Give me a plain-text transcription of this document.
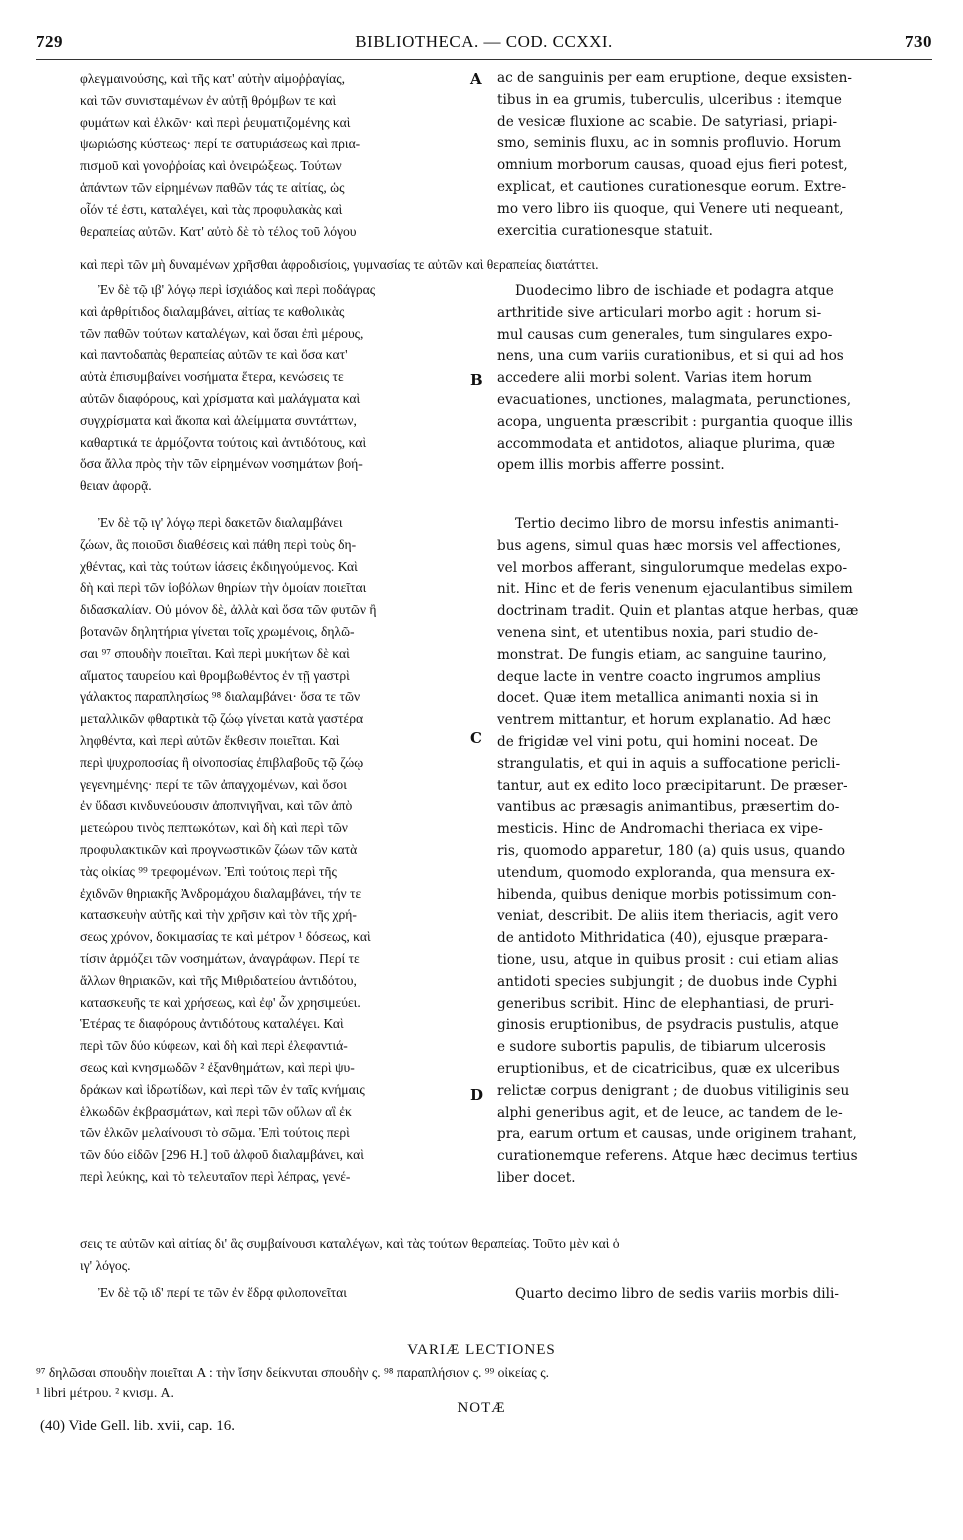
729	BIBLIOTHECA. — COD. CCXXI.	730
φλεγμαινούσης, καὶ τῆς κατ' αὐτὴν αἱμοῤῥαγίας,
καὶ τῶν συνισταμένων ἐν αὐτῇ θρόμβων τε καὶ
φυμάτων καὶ ἑλκῶν· καὶ περὶ ῥευματιζομένης καὶ
ψωριώσης κύστεως· περί τε σατυριάσεως καὶ πρια-
πισμοῦ καὶ γονοῤῥοίας καὶ ὀνειρώξεως. Τούτων
ἁπάντων τῶν εἰρημένων παθῶν τάς τε αἰτίας, ὡς
οἷόν τέ ἐστι, καταλέγει, καὶ τὰς προφυλακὰς καὶ
θεραπείας αὐτῶν. Κατ' αὐτὸ δὲ τὸ τέλος τοῦ λόγου
A ac de sanguinis per eam eruptione, deque exsisten-
tibus in ea grumis, tuberculis, ulceribus : itemque
de vesicæ fluxione ac scabie. De satyriasi, priapi-
smo, seminis fluxu, ac in somnis profluvio. Horum
omnium morborum causas, quoad ejus fieri potest,
explicat, et cautiones curationesque eorum. Extre-
mo vero libro iis quoque, qui Venere uti nequeant,
exercitia curationesque statuit.
καὶ περὶ τῶν μὴ δυναμένων χρῆσθαι ἀφροδισίοις, γυμνασίας τε αὐτῶν καὶ θεραπείας διατάττει.
Ἐν δὲ τῷ ιβ' λόγῳ περὶ ἰσχιάδος καὶ περὶ ποδάγρας
καὶ ἀρθρίτιδος διαλαμβάνει, αἰτίας τε καθολικὰς
τῶν παθῶν τούτων καταλέγων, καὶ ὅσαι ἐπὶ μέρους,
καὶ παντοδαπὰς θεραπείας αὐτῶν τε καὶ ὅσα κατ'
αὐτὰ ἐπισυμβαίνει νοσήματα ἕτερα, κενώσεις τε
αὐτῶν διαφόρους, καὶ χρίσματα καὶ μαλάγματα καὶ
συγχρίσματα καὶ ἄκοπα καὶ ἀλείμματα συντάττων,
καθαρτικά τε ἁρμόζοντα τούτοις καὶ ἀντιδότους, καὶ
ὅσα ἄλλα πρὸς τὴν τῶν εἰρημένων νοσημάτων βοή-
θειαν ἀφορᾷ.
B
Duodecimo libro de ischiade et podagra atque
arthritide sive articulari morbo agit : horum si-
mul causas cum generales, tum singulares expo-
nens, una cum variis curationibus, et si qui ad hos
accedere alii morbi solent. Varias item horum
evacuationes, unctiones, malagmata, perunctiones,
acopa, unguenta præscribit : purgantia quoque illis
accommodata et antidotos, aliaque plurima, quæ
opem illis morbis afferre possint.
Ἐν δὲ τῷ ιγ' λόγῳ περὶ δακετῶν διαλαμβάνει
ζώων, ἃς ποιοῦσι διαθέσεις καὶ πάθη περὶ τοὺς δη-
χθέντας, καὶ τὰς τούτων ἰάσεις ἐκδιηγούμενος. Καὶ
δὴ καὶ περὶ τῶν ἰοβόλων θηρίων τὴν ὁμοίαν ποιεῖται
διδασκαλίαν. Οὐ μόνον δὲ, ἀλλὰ καὶ ὅσα τῶν φυτῶν ἢ
βοτανῶν δηλητήρια γίνεται τοῖς χρωμένοις, δηλῶ-
σαι ⁹⁷ σπουδὴν ποιεῖται. Καὶ περὶ μυκήτων δὲ καὶ
αἵματος ταυρείου καὶ θρομβωθέντος ἐν τῇ γαστρὶ
γάλακτος παραπλησίως ⁹⁸ διαλαμβάνει· ὅσα τε τῶν
μεταλλικῶν φθαρτικὰ τῷ ζώῳ γίνεται κατὰ γαστέρα
ληφθέντα, καὶ περὶ αὐτῶν ἔκθεσιν ποιεῖται. Καὶ
περὶ ψυχροποσίας ἢ οἰνοποσίας ἐπιβλαβοῦς τῷ ζώῳ
γεγενημένης· περί τε τῶν ἀπαγχομένων, καὶ ὅσοι
ἐν ὕδασι κινδυνεύουσιν ἀποπνιγῆναι, καὶ τῶν ἀπὸ
μετεώρου τινὸς πεπτωκότων, καὶ δὴ καὶ περὶ τῶν
προφυλακτικῶν καὶ προγνωστικῶν ζώων τῶν κατὰ
τὰς οἰκίας ⁹⁹ τρεφομένων. Ἐπὶ τούτοις περὶ τῆς
ἐχιδνῶν θηριακῆς Ἀνδρομάχου διαλαμβάνει, τήν τε
κατασκευὴν αὐτῆς καὶ τὴν χρῆσιν καὶ τὸν τῆς χρή-
σεως χρόνον, δοκιμασίας τε καὶ μέτρον ¹ δόσεως, καὶ
τίσιν ἁρμόζει τῶν νοσημάτων, ἀναγράφων. Περί τε
ἄλλων θηριακῶν, καὶ τῆς Μιθριδατείου ἀντιδότου,
κατασκευῆς τε καὶ χρήσεως, καὶ ἐφ' ὧν χρησιμεύει.
Ἑτέρας τε διαφόρους ἀντιδότους καταλέγει. Καὶ
περὶ τῶν δύο κύφεων, καὶ δὴ καὶ περὶ ἐλεφαντιά-
σεως καὶ κνησμωδῶν ² ἐξανθημάτων, καὶ περὶ ψυ-
δράκων καὶ ἱδρωτίδων, καὶ περὶ τῶν ἐν ταῖς κνήμαις
ἑλκωδῶν ἐκβρασμάτων, καὶ περὶ τῶν οὔλων αἳ ἐκ
τῶν ἑλκῶν μελαίνουσι τὸ σῶμα. Ἐπὶ τούτοις περὶ
τῶν δύο εἰδῶν [296 Η.] τοῦ ἀλφοῦ διαλαμβάνει, καὶ
περὶ λεύκης, καὶ τὸ τελευταῖον περὶ λέπρας, γενέ-
C
D
Tertio decimo libro de morsu infestis animanti-
bus agens, simul quas hæc morsis vel affectiones,
vel morbos afferant, singulorumque medelas expo-
nit. Hinc et de feris venenum ejaculantibus similem
doctrinam tradit. Quin et plantas atque herbas, quæ
venena sint, et utentibus noxia, pari studio de-
monstrat. De fungis etiam, ac sanguine taurino,
deque lacte in ventre coacto ingrumos amplius
docet. Quæ item metallica animanti noxia si in
ventrem mittantur, et horum explanatio. Ad hæc
de frigidæ vel vini potu, qui homini noceat. De
strangulatis, et qui in aquis a suffocatione pericli-
tantur, aut ex edito loco præcipitarunt. De præser-
vantibus ac præsagis animantibus, præsertim do-
mesticis. Hinc de Andromachi theriaca ex vipe-
ris, quomodo apparetur, 180 (a) quis usus, quando
utendum, quomodo exploranda, qua mensura ex-
hibenda, quibus denique morbis potissimum con-
veniat, describit. De aliis item theriacis, agit vero
de antidoto Mithridatica (40), ejusque præpara-
tione, usu, atque in quibus prosit : cui etiam alias
antidoti species subjungit ; de duobus inde Cyphi
generibus scribit. Hinc de elephantiasi, de pruri-
ginosis eruptionibus, de psydracis pustulis, atque
e sudore subortis papulis, de tibiarum ulcerosis
eruptionibus, et de cicatricibus, quæ ex ulceribus
relictæ corpus denigrant ; de duobus vitiliginis seu
alphi generibus agit, et de leuce, ac tandem de le-
pra, earum ortum et causas, unde originem trahant,
curationemque referens. Atque hæc decimus tertius
liber docet.
σεις τε αὐτῶν καὶ αἰτίας δι' ἃς συμβαίνουσι καταλέγων, καὶ τὰς τούτων θεραπείας. Τοῦτο μὲν καὶ ὁ
ιγ' λόγος.
Ἐν δὲ τῷ ιδ' περί τε τῶν ἐν ἕδρᾳ φιλοπονεῖται	Quarto decimo libro de sedis variis morbis dili-
VARIÆ LECTIONES
⁹⁷ δηλῶσαι σπουδὴν ποιεῖται A : τὴν ἴσην δείκνυται σπουδὴν ς. ⁹⁸ παραπλήσιον ς. ⁹⁹ οἰκείας ς.
¹ libri μέτρου. ² κνισμ. A.
NOTÆ
(40) Vide Gell. lib. xvii, cap. 16.
